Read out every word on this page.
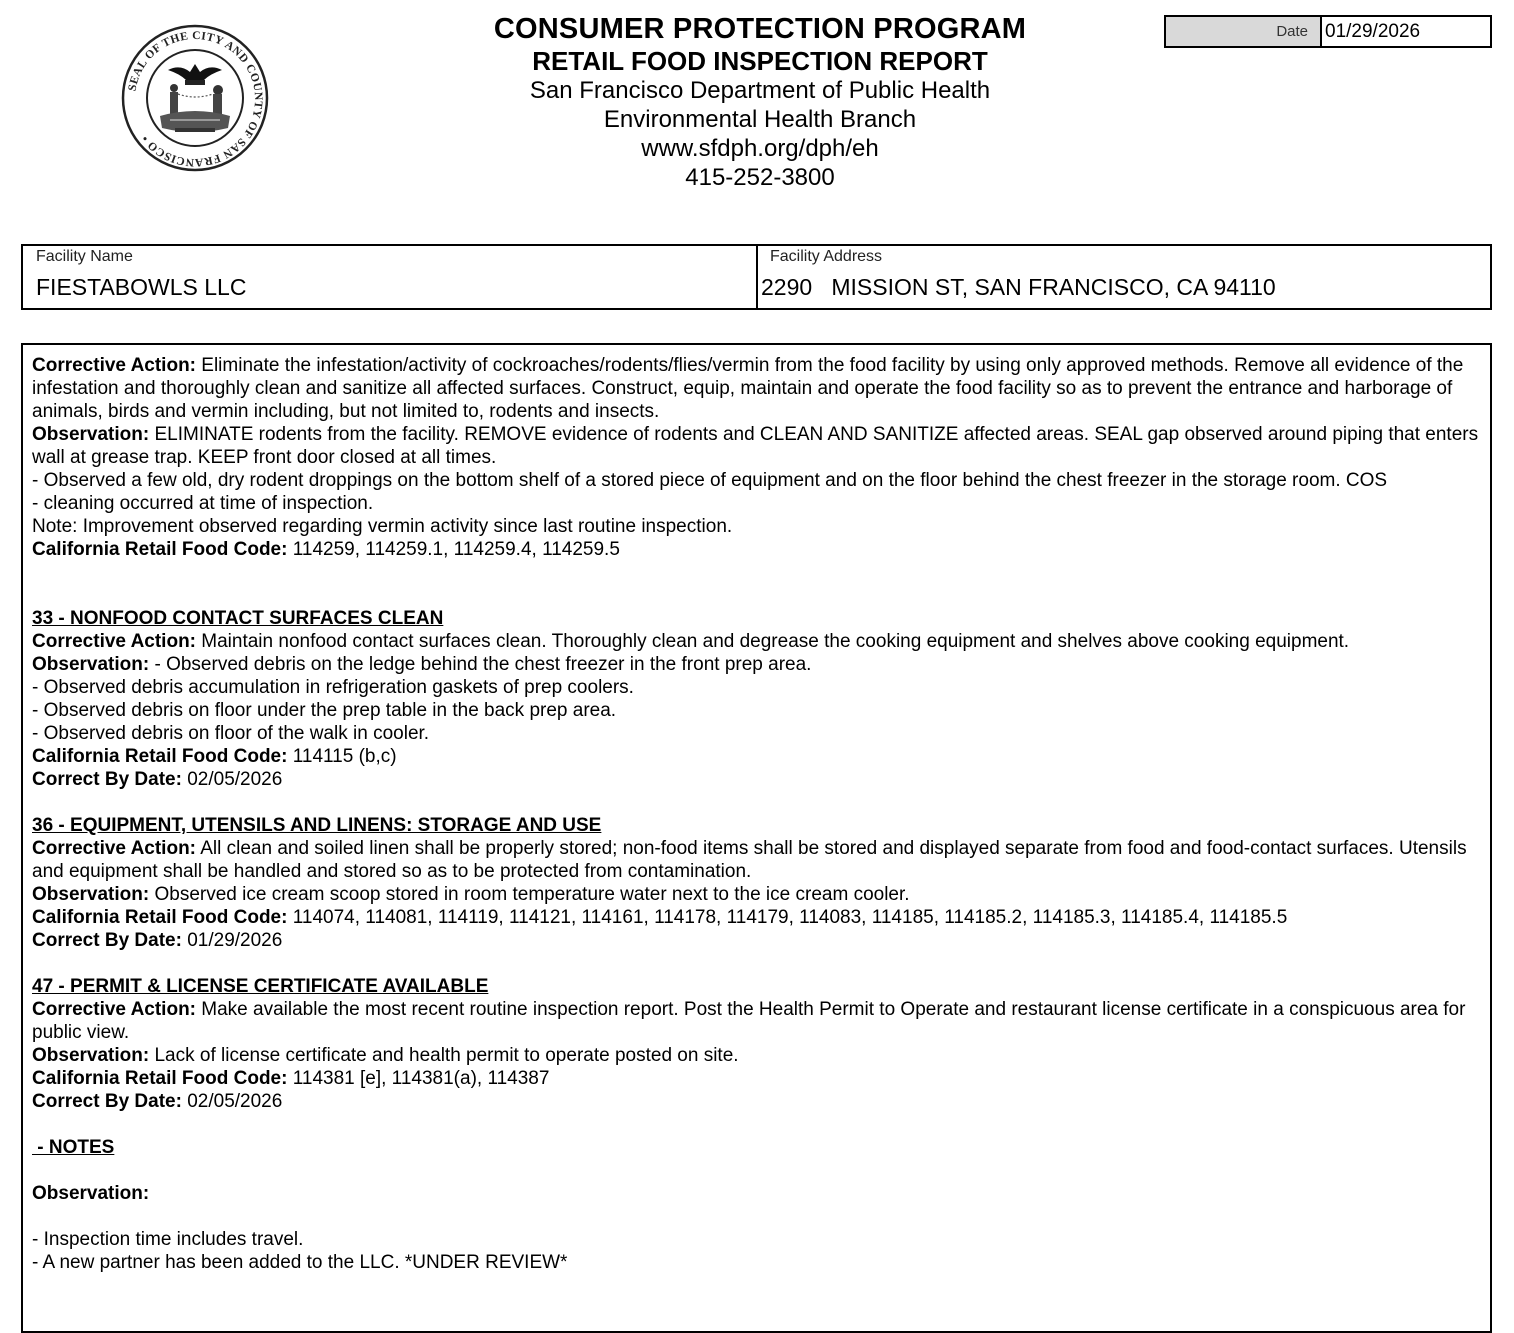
SEAL OF THE CITY AND COUNTY OF SAN FRANCISCO •
CONSUMER PROTECTION PROGRAM
RETAIL FOOD INSPECTION REPORT
San Francisco Department of Public Health
Environmental Health Branch
www.sfdph.org/dph/eh
415-252-3800
Date 01/29/2026
Facility Name
FIESTABOWLS LLC
Facility Address
2290   MISSION ST, SAN FRANCISCO, CA 94110

Corrective Action: Eliminate the infestation/activity of cockroaches/rodents/flies/vermin from the food facility by using only approved methods. Remove all evidence of the infestation and thoroughly clean and sanitize all affected surfaces. Construct, equip, maintain and operate the food facility so as to prevent the entrance and harborage of animals, birds and vermin including, but not limited to, rodents and insects.

Observation: ELIMINATE rodents from the facility. REMOVE evidence of rodents and CLEAN AND SANITIZE affected areas. SEAL gap observed around piping that enters wall at grease trap. KEEP front door closed at all times.

- Observed a few old, dry rodent droppings on the bottom shelf of a stored piece of equipment and on the floor behind the chest freezer in the storage room. COS

- cleaning occurred at time of inspection.

Note: Improvement observed regarding vermin activity since last routine inspection.

California Retail Food Code: 114259, 114259.1, 114259.4, 114259.5

33 - NONFOOD CONTACT SURFACES CLEAN

Corrective Action: Maintain nonfood contact surfaces clean. Thoroughly clean and degrease the cooking equipment and shelves above cooking equipment.

Observation: - Observed debris on the ledge behind the chest freezer in the front prep area.

- Observed debris accumulation in refrigeration gaskets of prep coolers.

- Observed debris on floor under the prep table in the back prep area.

- Observed debris on floor of the walk in cooler.

California Retail Food Code: 114115 (b,c)

Correct By Date: 02/05/2026

36 - EQUIPMENT, UTENSILS AND LINENS: STORAGE AND USE

Corrective Action: All clean and soiled linen shall be properly stored; non-food items shall be stored and displayed separate from food and food-contact surfaces. Utensils and equipment shall be handled and stored so as to be protected from contamination.

Observation: Observed ice cream scoop stored in room temperature water next to the ice cream cooler.

California Retail Food Code: 114074, 114081, 114119, 114121, 114161, 114178, 114179, 114083, 114185, 114185.2, 114185.3, 114185.4, 114185.5

Correct By Date: 01/29/2026

47 - PERMIT & LICENSE CERTIFICATE AVAILABLE

Corrective Action: Make available the most recent routine inspection report. Post the Health Permit to Operate and restaurant license certificate in a conspicuous area for public view.

Observation: Lack of license certificate and health permit to operate posted on site.

California Retail Food Code: 114381 [e], 114381(a), 114387

Correct By Date: 02/05/2026

- NOTES

Observation:

- Inspection time includes travel.

- A new partner has been added to the LLC. *UNDER REVIEW*
